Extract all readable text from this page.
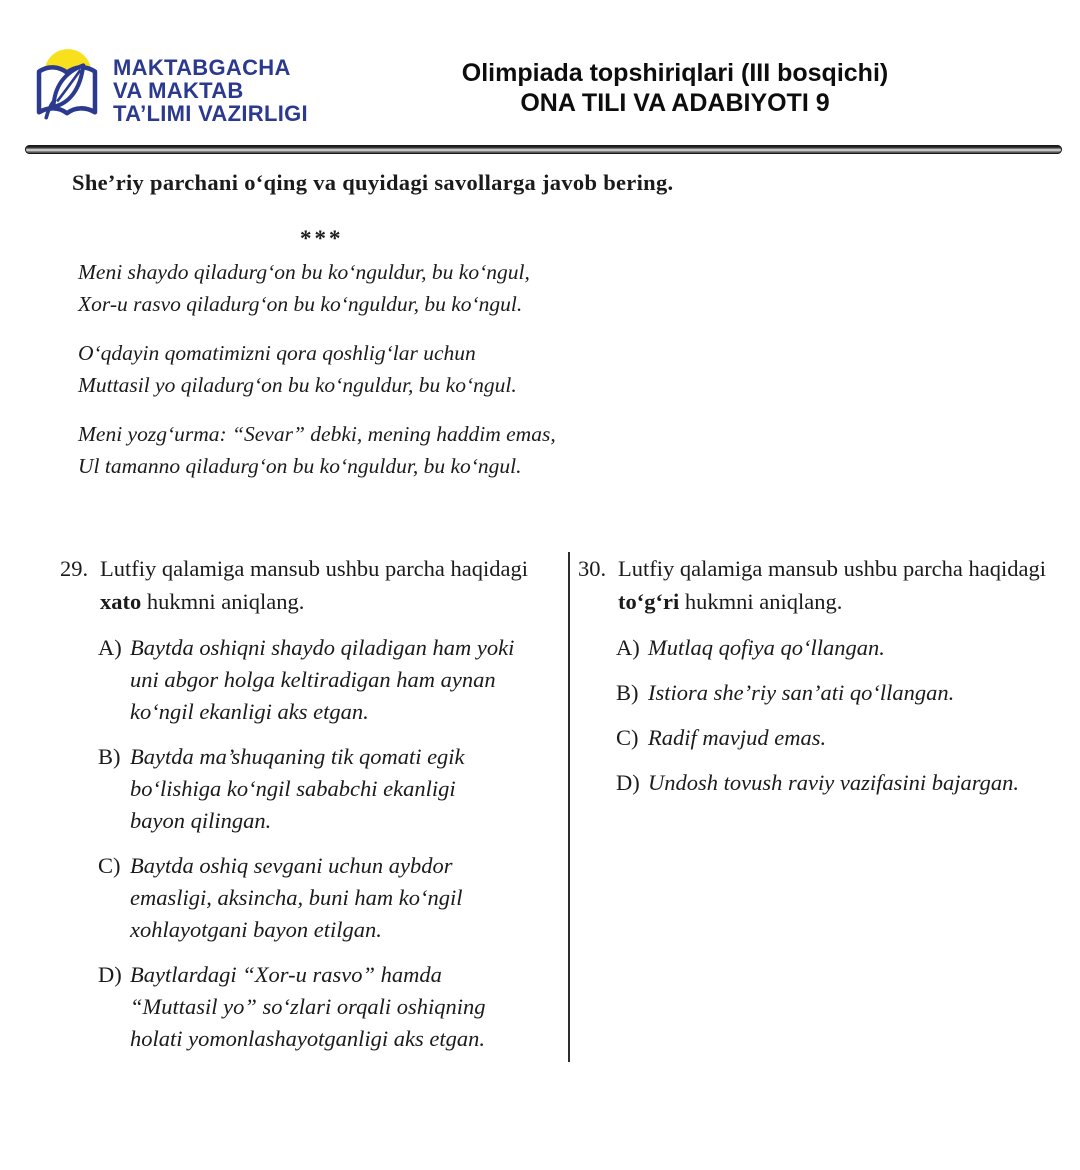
MAKTABGACHA
VA MAKTAB
TA’LIMI VAZIRLIGI
Olimpiada topshiriqlari (III bosqichi)
ONA TILI VA ADABIYOTI 9
She’riy parchani oʻqing va quyidagi savollarga javob bering.
***
Meni shaydo qiladurgʻon bu koʻnguldur, bu koʻngul,
Xor-u rasvo qiladurgʻon bu koʻnguldur, bu koʻngul.
Oʻqdayin qomatimizni qora qoshligʻlar uchun
Muttasil yo qiladurgʻon bu koʻnguldur, bu koʻngul.
Meni yozgʻurma: “Sevar” debki, mening haddim emas,
Ul tamanno qiladurgʻon bu koʻnguldur, bu koʻngul.
29. Lutfiy qalamiga mansub ushbu parcha haqidagi xato hukmni aniqlang.

A) Baytda oshiqni shaydo qiladigan ham yoki uni abgor holga keltiradigan ham aynan koʻngil ekanligi aks etgan.
B) Baytda ma’shuqaning tik qomati egik boʻlishiga koʻngil sababchi ekanligi bayon qilingan.
C) Baytda oshiq sevgani uchun aybdor emasligi, aksincha, buni ham koʻngil xohlayotgani bayon etilgan.
D) Baytlardagi “Xor-u rasvo” hamda “Muttasil yo” soʻzlari orqali oshiqning holati yomonlashayotganligi aks etgan.
30. Lutfiy qalamiga mansub ushbu parcha haqidagi toʻgʻri hukmni aniqlang.

A) Mutlaq qofiya qoʻllangan.
B) Istiora she’riy san’ati qoʻllangan.
C) Radif mavjud emas.
D) Undosh tovush raviy vazifasini bajargan.
